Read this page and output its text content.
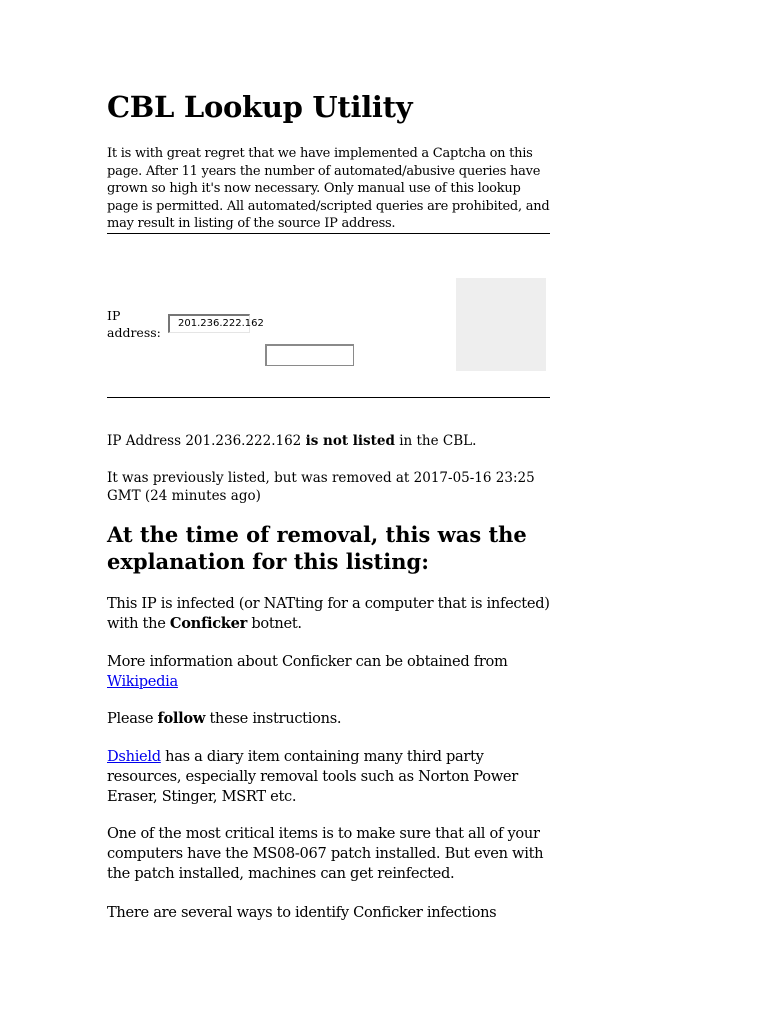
CBL Lookup Utility

It is with great regret that we have implemented a Captcha on this page. After 11 years the number of automated/abusive queries have grown so high it's now necessary. Only manual use of this lookup page is permitted. All automated/scripted queries are prohibited, and may result in listing of the source IP address.

IP address:
201.236.222.162

IP Address 201.236.222.162 is not listed in the CBL.

It was previously listed, but was removed at 2017-05-16 23:25 GMT (24 minutes ago)

At the time of removal, this was the explanation for this listing:

This IP is infected (or NATting for a computer that is infected) with the Conficker botnet.

More information about Conficker can be obtained from Wikipedia

Please follow these instructions.

Dshield has a diary item containing many third party resources, especially removal tools such as Norton Power Eraser, Stinger, MSRT etc.

One of the most critical items is to make sure that all of your computers have the MS08-067 patch installed. But even with the patch installed, machines can get reinfected.

There are several ways to identify Conficker infections
